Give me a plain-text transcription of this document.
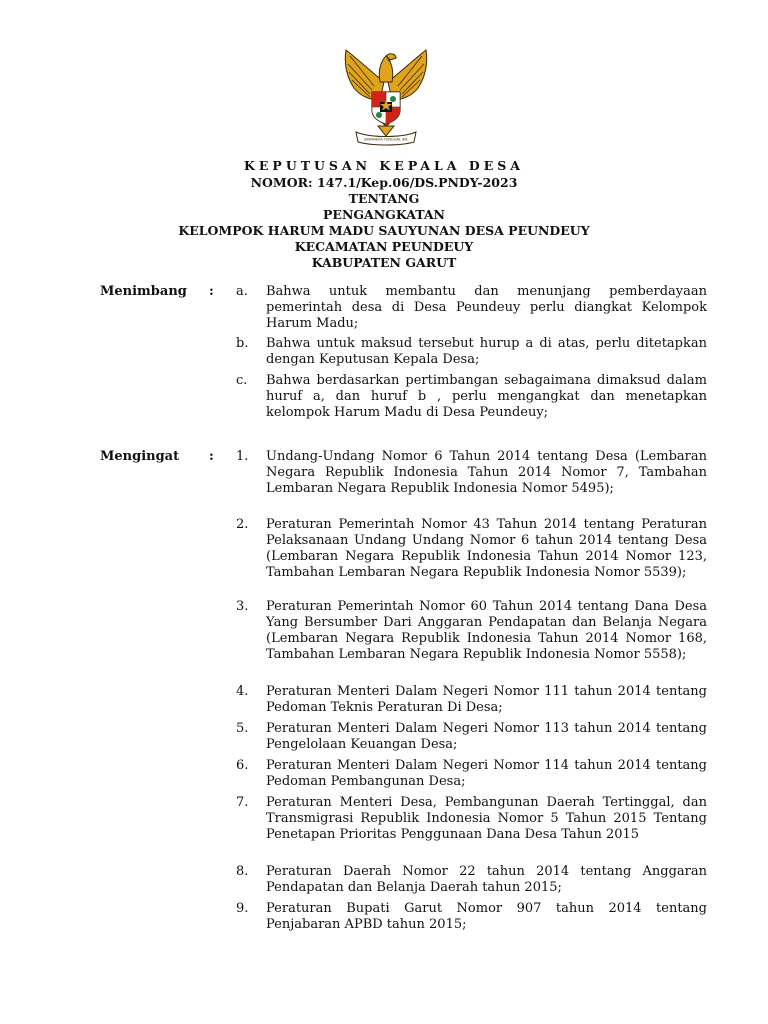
BHINNEKA TUNGGAL IKA
KEPUTUSAN KEPALA DESA
NOMOR: 147.1/Kep.06/DS.PNDY-2023
TENTANG
PENGANGKATAN
KELOMPOK HARUM MADU SAUYUNAN DESA PEUNDEUY
KECAMATAN PEUNDEUY
KABUPATEN GARUT
Menimbang : a.	Bahwa untuk membantu dan menunjang pemberdayaan pemerintah desa di Desa Peundeuy perlu diangkat Kelompok Harum Madu;
b.	Bahwa untuk maksud tersebut hurup a di atas, perlu ditetapkan dengan Keputusan Kepala Desa;
c.	Bahwa berdasarkan pertimbangan sebagaimana dimaksud dalam huruf a, dan huruf b , perlu mengangkat dan menetapkan kelompok Harum Madu di Desa Peundeuy;
Mengingat : 1.	Undang-Undang Nomor 6 Tahun 2014 tentang Desa (Lembaran Negara Republik Indonesia Tahun 2014 Nomor 7, Tambahan Lembaran Negara Republik Indonesia Nomor 5495);
2.	Peraturan Pemerintah Nomor 43 Tahun 2014 tentang Peraturan Pelaksanaan Undang Undang Nomor 6 tahun 2014 tentang Desa (Lembaran Negara Republik Indonesia Tahun 2014 Nomor 123, Tambahan Lembaran Negara Republik Indonesia Nomor 5539);
3.	Peraturan Pemerintah Nomor 60 Tahun 2014 tentang Dana Desa Yang Bersumber Dari Anggaran Pendapatan dan Belanja Negara (Lembaran Negara Republik Indonesia Tahun 2014 Nomor 168, Tambahan Lembaran Negara Republik Indonesia Nomor 5558);
4.	Peraturan Menteri Dalam Negeri Nomor 111 tahun 2014 tentang Pedoman Teknis Peraturan Di Desa;
5.	Peraturan Menteri Dalam Negeri Nomor 113 tahun 2014 tentang Pengelolaan Keuangan Desa;
6.	Peraturan Menteri Dalam Negeri Nomor 114 tahun 2014 tentang Pedoman Pembangunan Desa;
7.	Peraturan Menteri Desa, Pembangunan Daerah Tertinggal, dan Transmigrasi Republik Indonesia Nomor 5 Tahun 2015 Tentang Penetapan Prioritas Penggunaan Dana Desa Tahun 2015
8.	Peraturan Daerah Nomor 22 tahun 2014 tentang Anggaran Pendapatan dan Belanja Daerah tahun 2015;
9.	Peraturan Bupati Garut Nomor 907 tahun 2014 tentang Penjabaran APBD tahun 2015;
